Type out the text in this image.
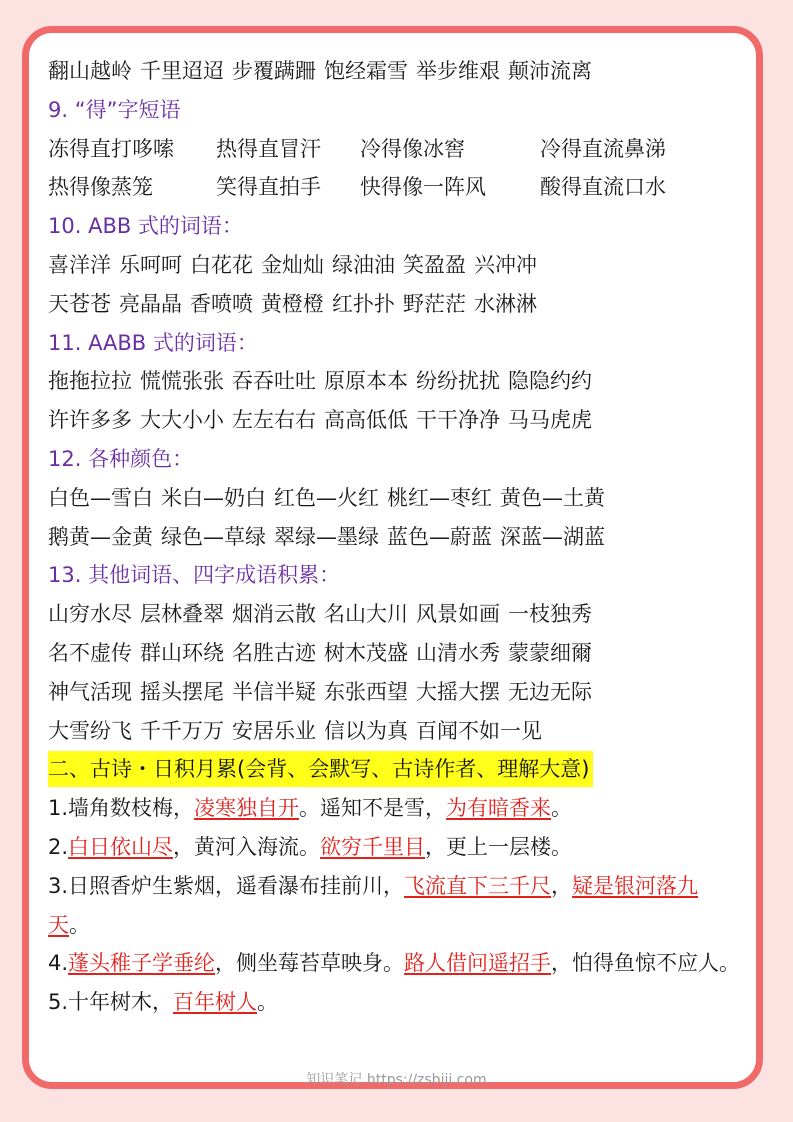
翻山越岭 千里迢迢 步覆蹒跚 饱经霜雪 举步维艰 颠沛流离
9. “得”字短语
冻得直打哆嗦 热得直冒汗 冷得像冰窖	冷得直流鼻涕
热得像蒸笼	笑得直拍手 快得像一阵风	酸得直流口水
10. ABB 式的词语：
喜洋洋 乐呵呵 白花花 金灿灿 绿油油 笑盈盈 兴冲冲
天苍苍 亮晶晶 香喷喷 黄橙橙 红扑扑 野茫茫 水淋淋
11. AABB 式的词语：
拖拖拉拉 慌慌张张 吞吞吐吐 原原本本 纷纷扰扰 隐隐约约
许许多多 大大小小 左左右右 高高低低 干干净净 马马虎虎
12. 各种颜色：
白色—雪白 米白—奶白 红色—火红 桃红—枣红 黄色—土黄
鹅黄—金黄 绿色—草绿 翠绿—墨绿 蓝色—蔚蓝 深蓝—湖蓝
13. 其他词语、四字成语积累：
山穷水尽 层林叠翠 烟消云散 名山大川 风景如画 一枝独秀
名不虚传 群山环绕 名胜古迹 树木茂盛 山清水秀 蒙蒙细爾
神气活现 摇头摆尾 半信半疑 东张西望 大摇大摆 无边无际
大雪纷飞 千千万万 安居乐业 信以为真 百闻不如一见
二、古诗・日积月累(会背、会默写、古诗作者、理解大意)
1.墙角数枝梅，凌寒独自开。遥知不是雪，为有暗香来。
2.白日依山尽，黄河入海流。欲穷千里目，更上一层楼。
3.日照香炉生紫烟，遥看瀑布挂前川，飞流直下三千尺，疑是银河落九天。
4.蓬头稚子学垂纶，侧坐莓苔草映身。路人借问遥招手，怕得鱼惊不应人。
5.十年树木，百年树人。
知识笔记 https://zsbiji.com
